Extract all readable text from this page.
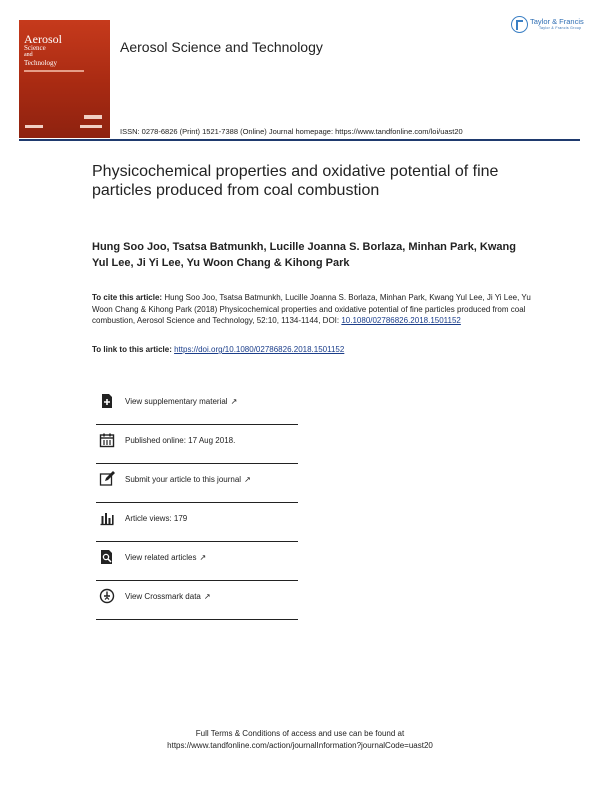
Aerosol
Science
and
Technology
Aerosol Science and Technology
Taylor & Francis
Taylor & Francis Group
ISSN: 0278-6826 (Print) 1521-7388 (Online) Journal homepage: https://www.tandfonline.com/loi/uast20
Physicochemical properties and oxidative potential of fine particles produced from coal combustion
Hung Soo Joo, Tsatsa Batmunkh, Lucille Joanna S. Borlaza, Minhan Park, Kwang Yul Lee, Ji Yi Lee, Yu Woon Chang & Kihong Park
To cite this article: Hung Soo Joo, Tsatsa Batmunkh, Lucille Joanna S. Borlaza, Minhan Park, Kwang Yul Lee, Ji Yi Lee, Yu Woon Chang & Kihong Park (2018) Physicochemical properties and oxidative potential of fine particles produced from coal combustion, Aerosol Science and Technology, 52:10, 1134-1144, DOI: 10.1080/02786826.2018.1501152
To link to this article: https://doi.org/10.1080/02786826.2018.1501152
View supplementary material ↗
Published online: 17 Aug 2018.
Submit your article to this journal ↗
Article views: 179
View related articles ↗
View Crossmark data ↗
Full Terms & Conditions of access and use can be found at
https://www.tandfonline.com/action/journalInformation?journalCode=uast20
